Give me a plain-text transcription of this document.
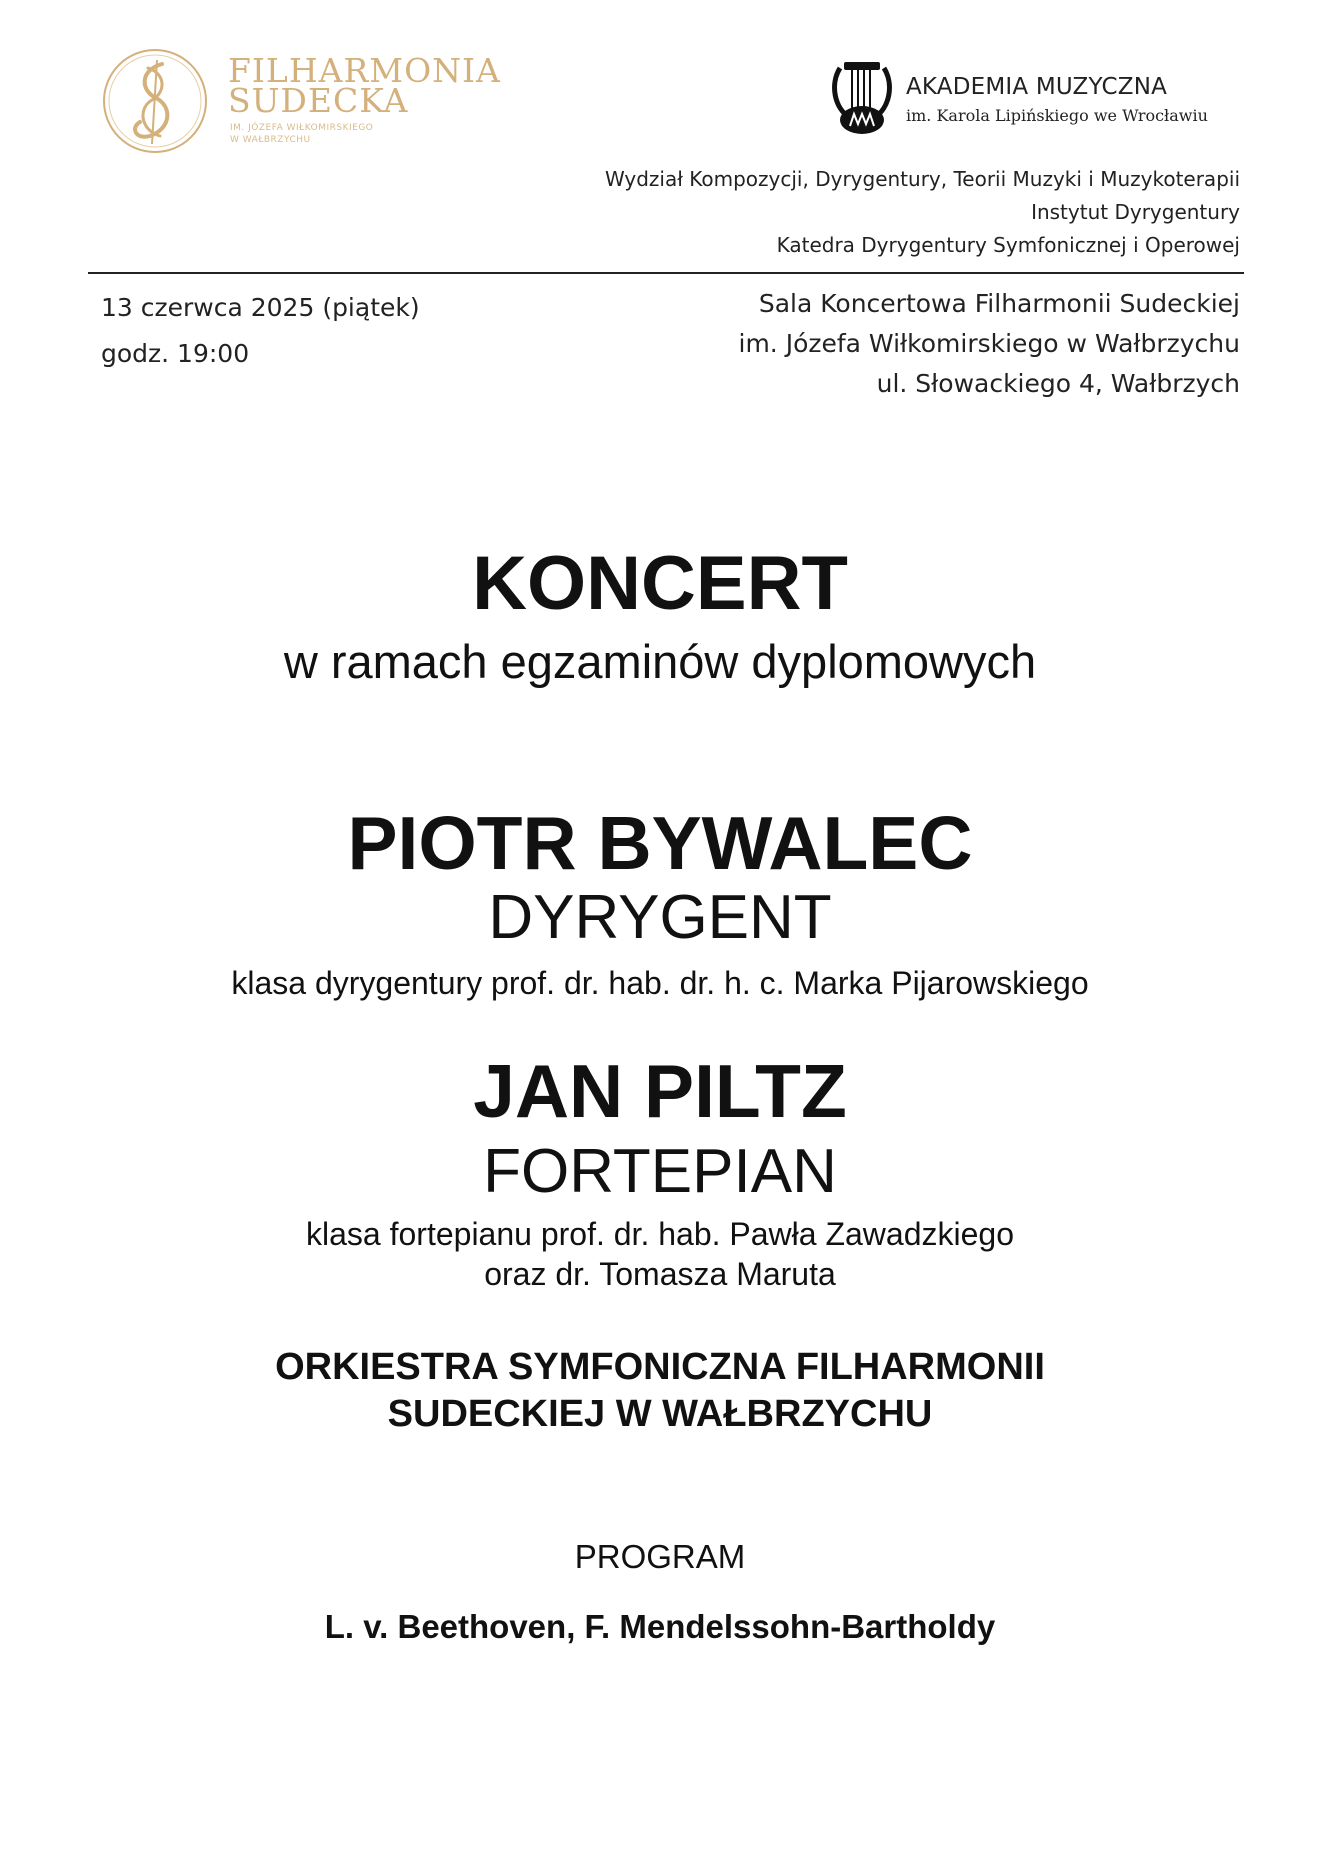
FILHARMONIA
SUDECKA
IM. JÓZEFA WIŁKOMIRSKIEGO
W WAŁBRZYCHU
AKADEMIA MUZYCZNA
im. Karola Lipińskiego we Wrocławiu
Wydział Kompozycji, Dyrygentury, Teorii Muzyki i Muzykoterapii
Instytut Dyrygentury
Katedra Dyrygentury Symfonicznej i Operowej
13 czerwca 2025 (piątek)
godz. 19:00
Sala Koncertowa Filharmonii Sudeckiej
im. Józefa Wiłkomirskiego w Wałbrzychu
ul. Słowackiego 4, Wałbrzych
KONCERT
w ramach egzaminów dyplomowych
PIOTR BYWALEC
DYRYGENT
klasa dyrygentury prof. dr. hab. dr. h. c. Marka Pijarowskiego
JAN PILTZ
FORTEPIAN
klasa fortepianu prof. dr. hab. Pawła Zawadzkiego
oraz dr. Tomasza Maruta
ORKIESTRA SYMFONICZNA FILHARMONII
SUDECKIEJ W WAŁBRZYCHU
PROGRAM
L. v. Beethoven, F. Mendelssohn-Bartholdy
